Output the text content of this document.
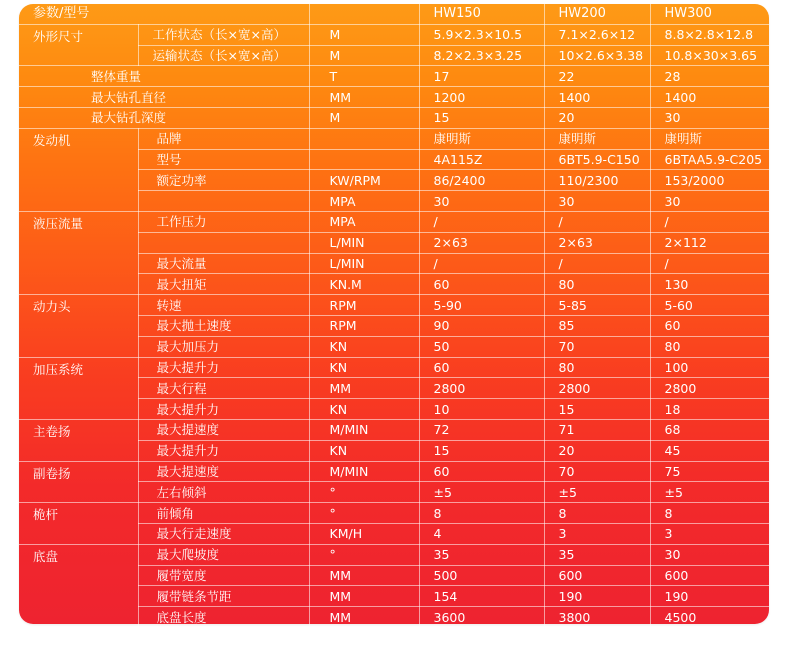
参数/型号			HW150	HW200	HW300
外形尺寸	工作状态（长×宽×高）	M	5.9×2.3×10.5	7.1×2.6×12	8.8×2.8×12.8
	运输状态（长×宽×高）	M	8.2×2.3×3.25	10×2.6×3.38	10.8×30×3.65
整体重量		T	17	22	28
最大钻孔直径		MM	1200	1400	1400
最大钻孔深度		M	15	20	30
发动机	品牌		康明斯	康明斯	康明斯
	型号		4A115Z	6BT5.9-C150	6BTAA5.9-C205
	额定功率	KW/RPM	86/2400	110/2300	153/2000
		MPA	30	30	30
液压流量	工作压力	MPA	/	/	/
		L/MIN	2×63	2×63	2×112
	最大流量	L/MIN	/	/	/
	最大扭矩	KN.M	60	80	130
动力头	转速	RPM	5-90	5-85	5-60
	最大抛土速度	RPM	90	85	60
	最大加压力	KN	50	70	80
加压系统	最大提升力	KN	60	80	100
	最大行程	MM	2800	2800	2800
	最大提升力	KN	10	15	18
主卷扬	最大提速度	M/MIN	72	71	68
	最大提升力	KN	15	20	45
副卷扬	最大提速度	M/MIN	60	70	75
	左右倾斜	°	±5	±5	±5
桅杆	前倾角	°	8	8	8
	最大行走速度	KM/H	4	3	3
底盘	最大爬坡度	°	35	35	30
	履带宽度	MM	500	600	600
	履带链条节距	MM	154	190	190
	底盘长度	MM	3600	3800	4500
	平均接地比压	KPA	66.3	77	92
